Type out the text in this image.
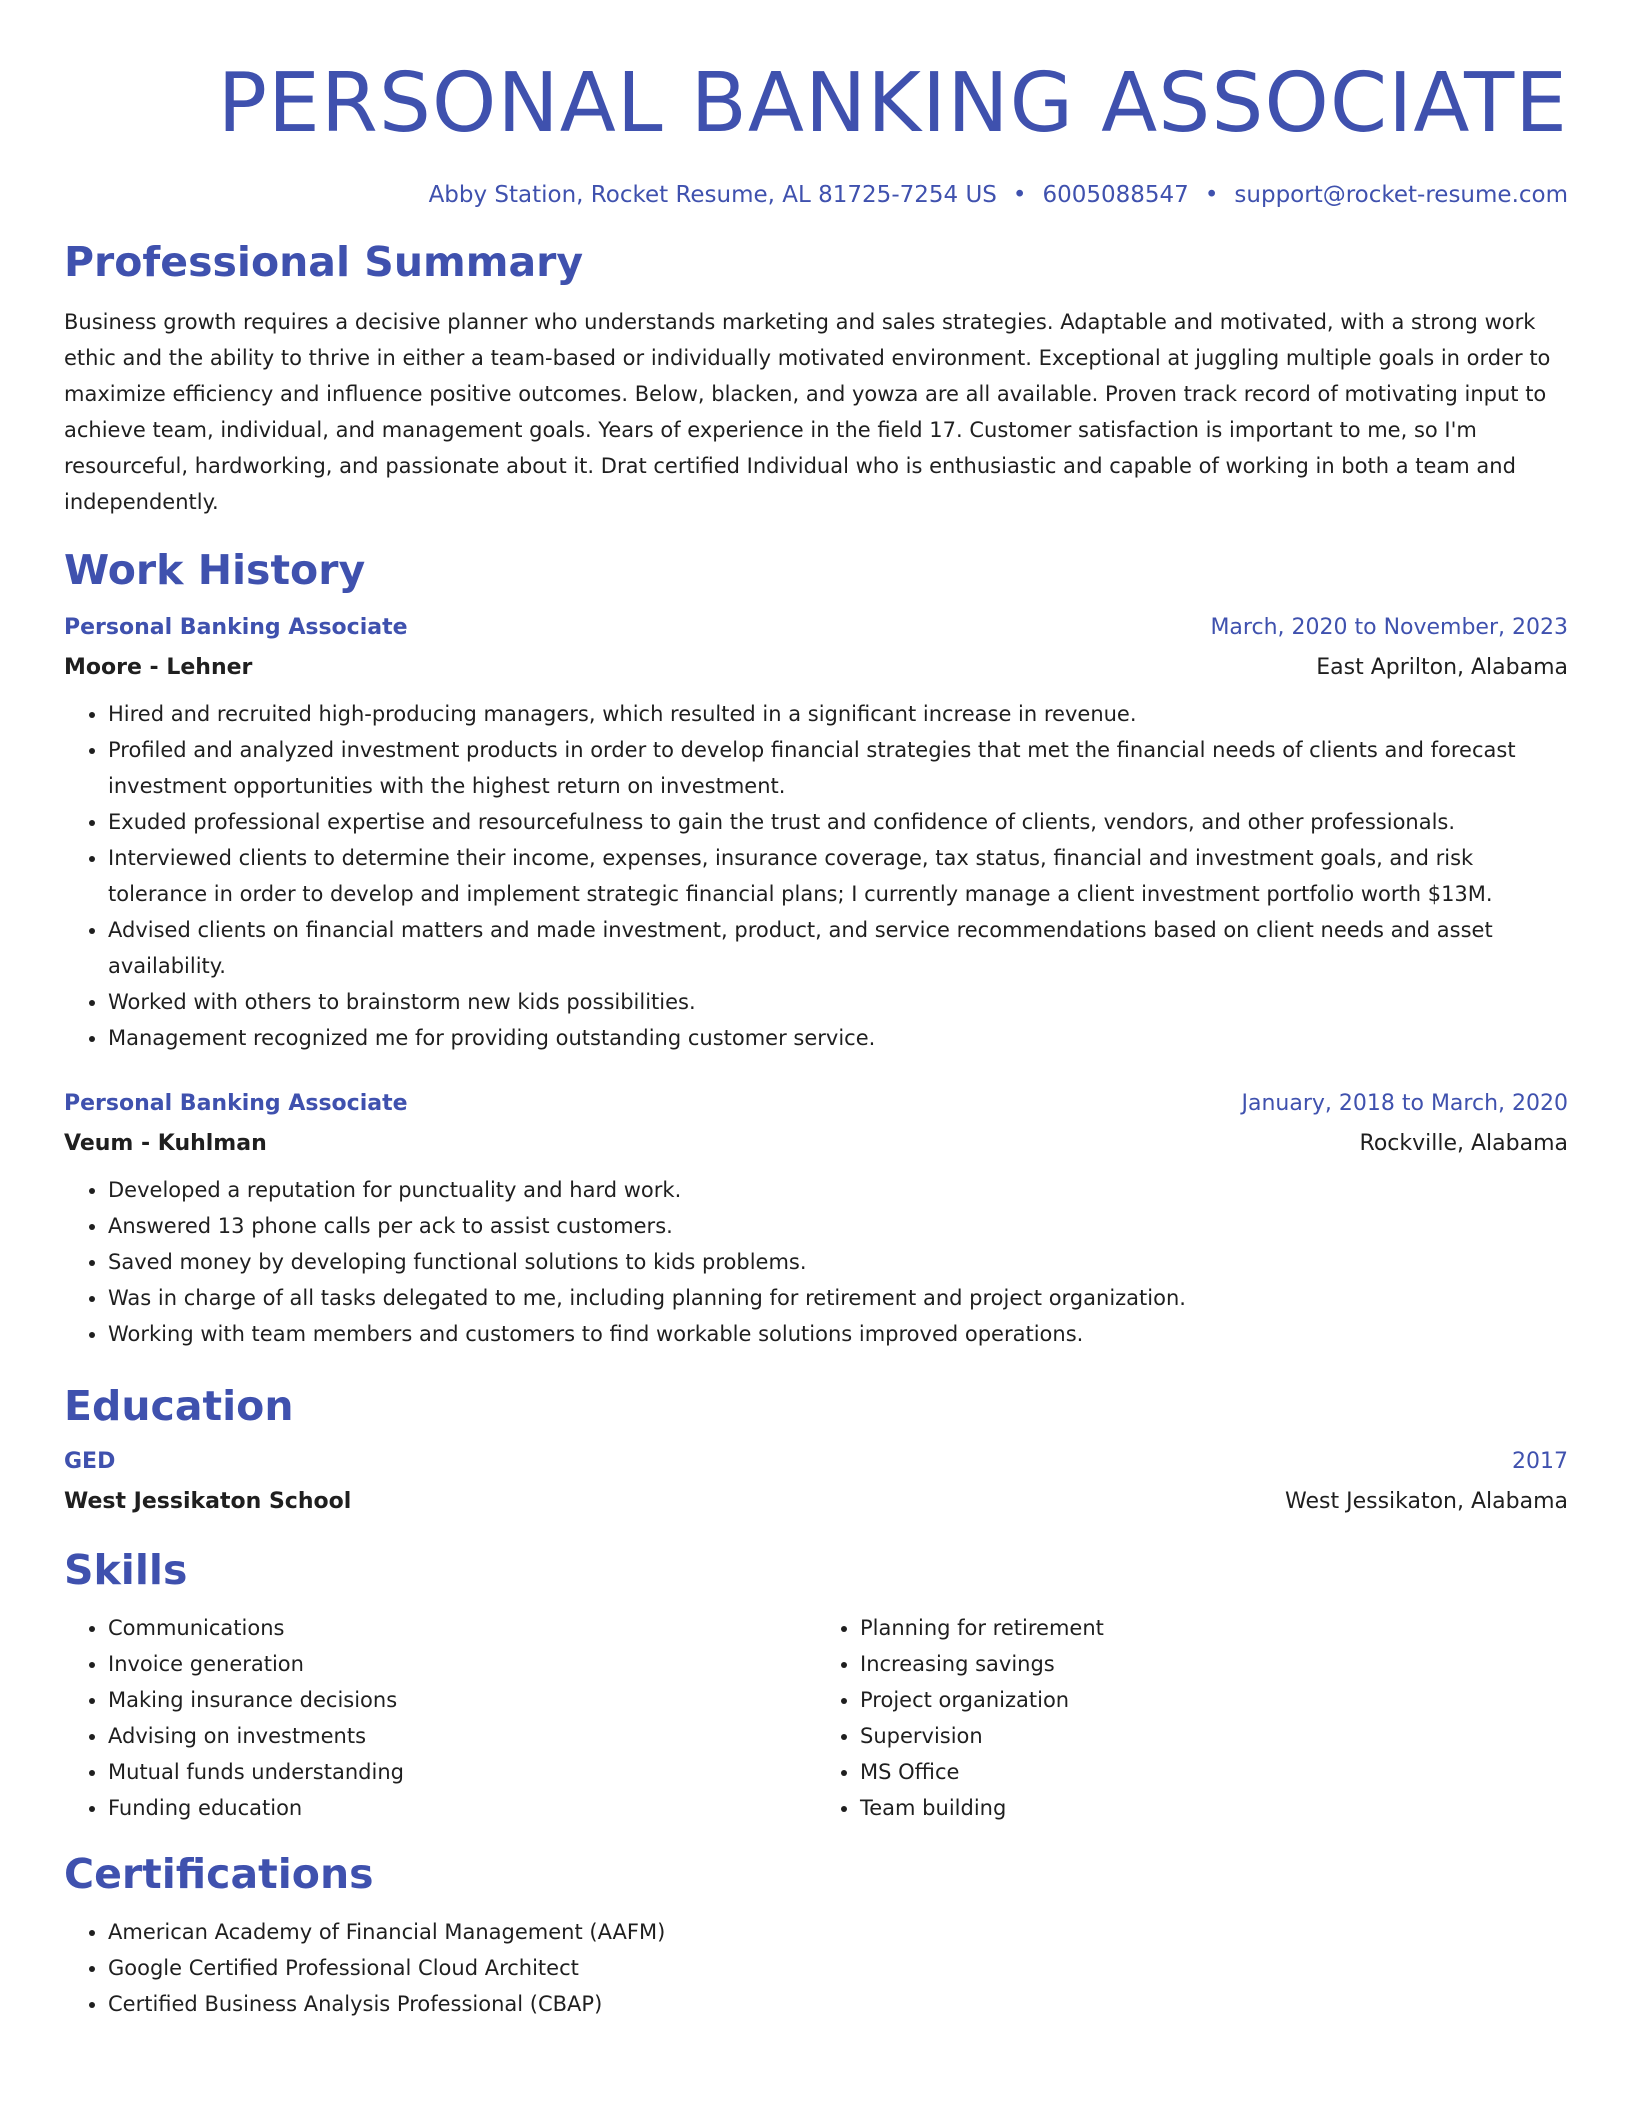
PERSONAL BANKING ASSOCIATE
Abby Station, Rocket Resume, AL 81725-7254 US • 6005088547 • support@rocket-resume.com
Professional Summary

Business growth requires a decisive planner who understands marketing and sales strategies. Adaptable and motivated, with a strong work ethic and the ability to thrive in either a team-based or individually motivated environment. Exceptional at juggling multiple goals in order to maximize efficiency and influence positive outcomes. Below, blacken, and yowza are all available. Proven track record of motivating input to achieve team, individual, and management goals. Years of experience in the field 17. Customer satisfaction is important to me, so I'm resourceful, hardworking, and passionate about it. Drat certified Individual who is enthusiastic and capable of working in both a team and independently.

Work History
Personal Banking Associate	March, 2020 to November, 2023
Moore - Lehner	East Aprilton, Alabama
• Hired and recruited high-producing managers, which resulted in a significant increase in revenue.
• Profiled and analyzed investment products in order to develop financial strategies that met the financial needs of clients and forecast investment opportunities with the highest return on investment.
• Exuded professional expertise and resourcefulness to gain the trust and confidence of clients, vendors, and other professionals.
• Interviewed clients to determine their income, expenses, insurance coverage, tax status, financial and investment goals, and risk tolerance in order to develop and implement strategic financial plans; I currently manage a client investment portfolio worth $13M.
• Advised clients on financial matters and made investment, product, and service recommendations based on client needs and asset availability.
• Worked with others to brainstorm new kids possibilities.
• Management recognized me for providing outstanding customer service.
Personal Banking Associate	January, 2018 to March, 2020
Veum - Kuhlman	Rockville, Alabama
• Developed a reputation for punctuality and hard work.
• Answered 13 phone calls per ack to assist customers.
• Saved money by developing functional solutions to kids problems.
• Was in charge of all tasks delegated to me, including planning for retirement and project organization.
• Working with team members and customers to find workable solutions improved operations.
Education
GED	2017
West Jessikaton School	West Jessikaton, Alabama
Skills
• Communications
• Invoice generation
• Making insurance decisions
• Advising on investments
• Mutual funds understanding
• Funding education
• Planning for retirement
• Increasing savings
• Project organization
• Supervision
• MS Office
• Team building
Certifications
• American Academy of Financial Management (AAFM)
• Google Certified Professional Cloud Architect
• Certified Business Analysis Professional (CBAP)
